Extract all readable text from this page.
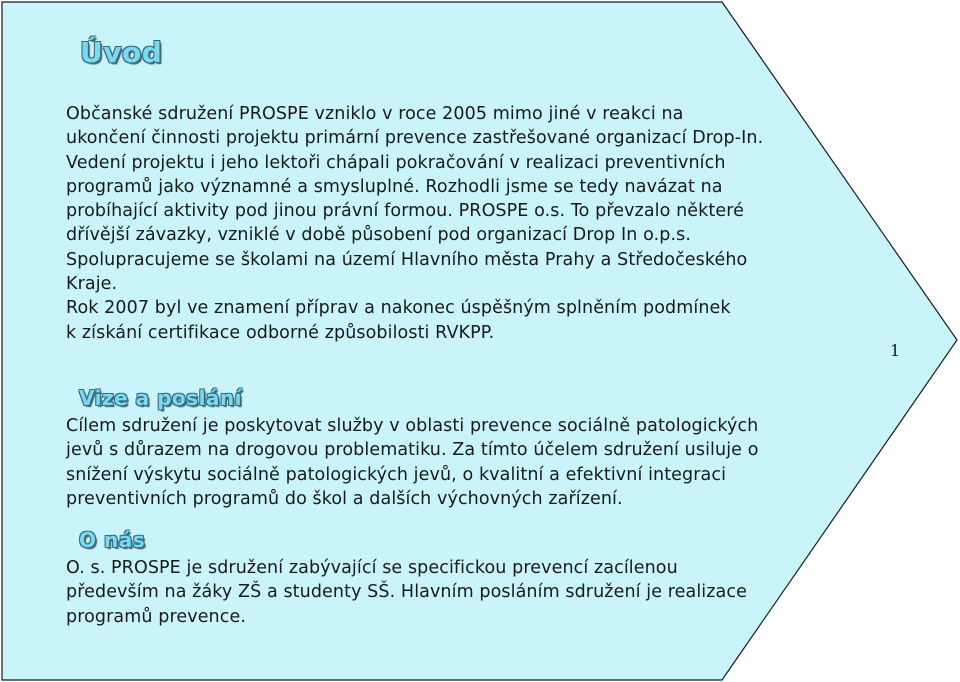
Úvod
Občanské sdružení PROSPE vzniklo v roce 2005 mimo jiné v reakci na
ukončení činnosti projektu primární prevence zastřešované organizací Drop-In.
Vedení projektu i jeho lektoři chápali pokračování v realizaci preventivních
programů jako významné a smysluplné. Rozhodli jsme se tedy navázat na
probíhající aktivity pod jinou právní formou. PROSPE o.s. To převzalo některé
dřívější závazky, vzniklé v době působení pod organizací Drop In o.p.s.
Spolupracujeme se školami na území Hlavního města Prahy a Středočeského
Kraje.
Rok 2007 byl ve znamení příprav a nakonec úspěšným splněním podmínek
k získání certifikace odborné způsobilosti RVKPP.
Vize a poslání
Cílem sdružení je poskytovat služby v oblasti prevence sociálně patologických
jevů s důrazem na drogovou problematiku. Za tímto účelem sdružení usiluje o
snížení výskytu sociálně patologických jevů, o kvalitní a efektivní integraci
preventivních programů do škol a dalších výchovných zařízení.
O nás
O. s. PROSPE je sdružení zabývající se specifickou prevencí zacílenou
především na žáky ZŠ a studenty SŠ. Hlavním posláním sdružení je realizace
programů prevence.

1
